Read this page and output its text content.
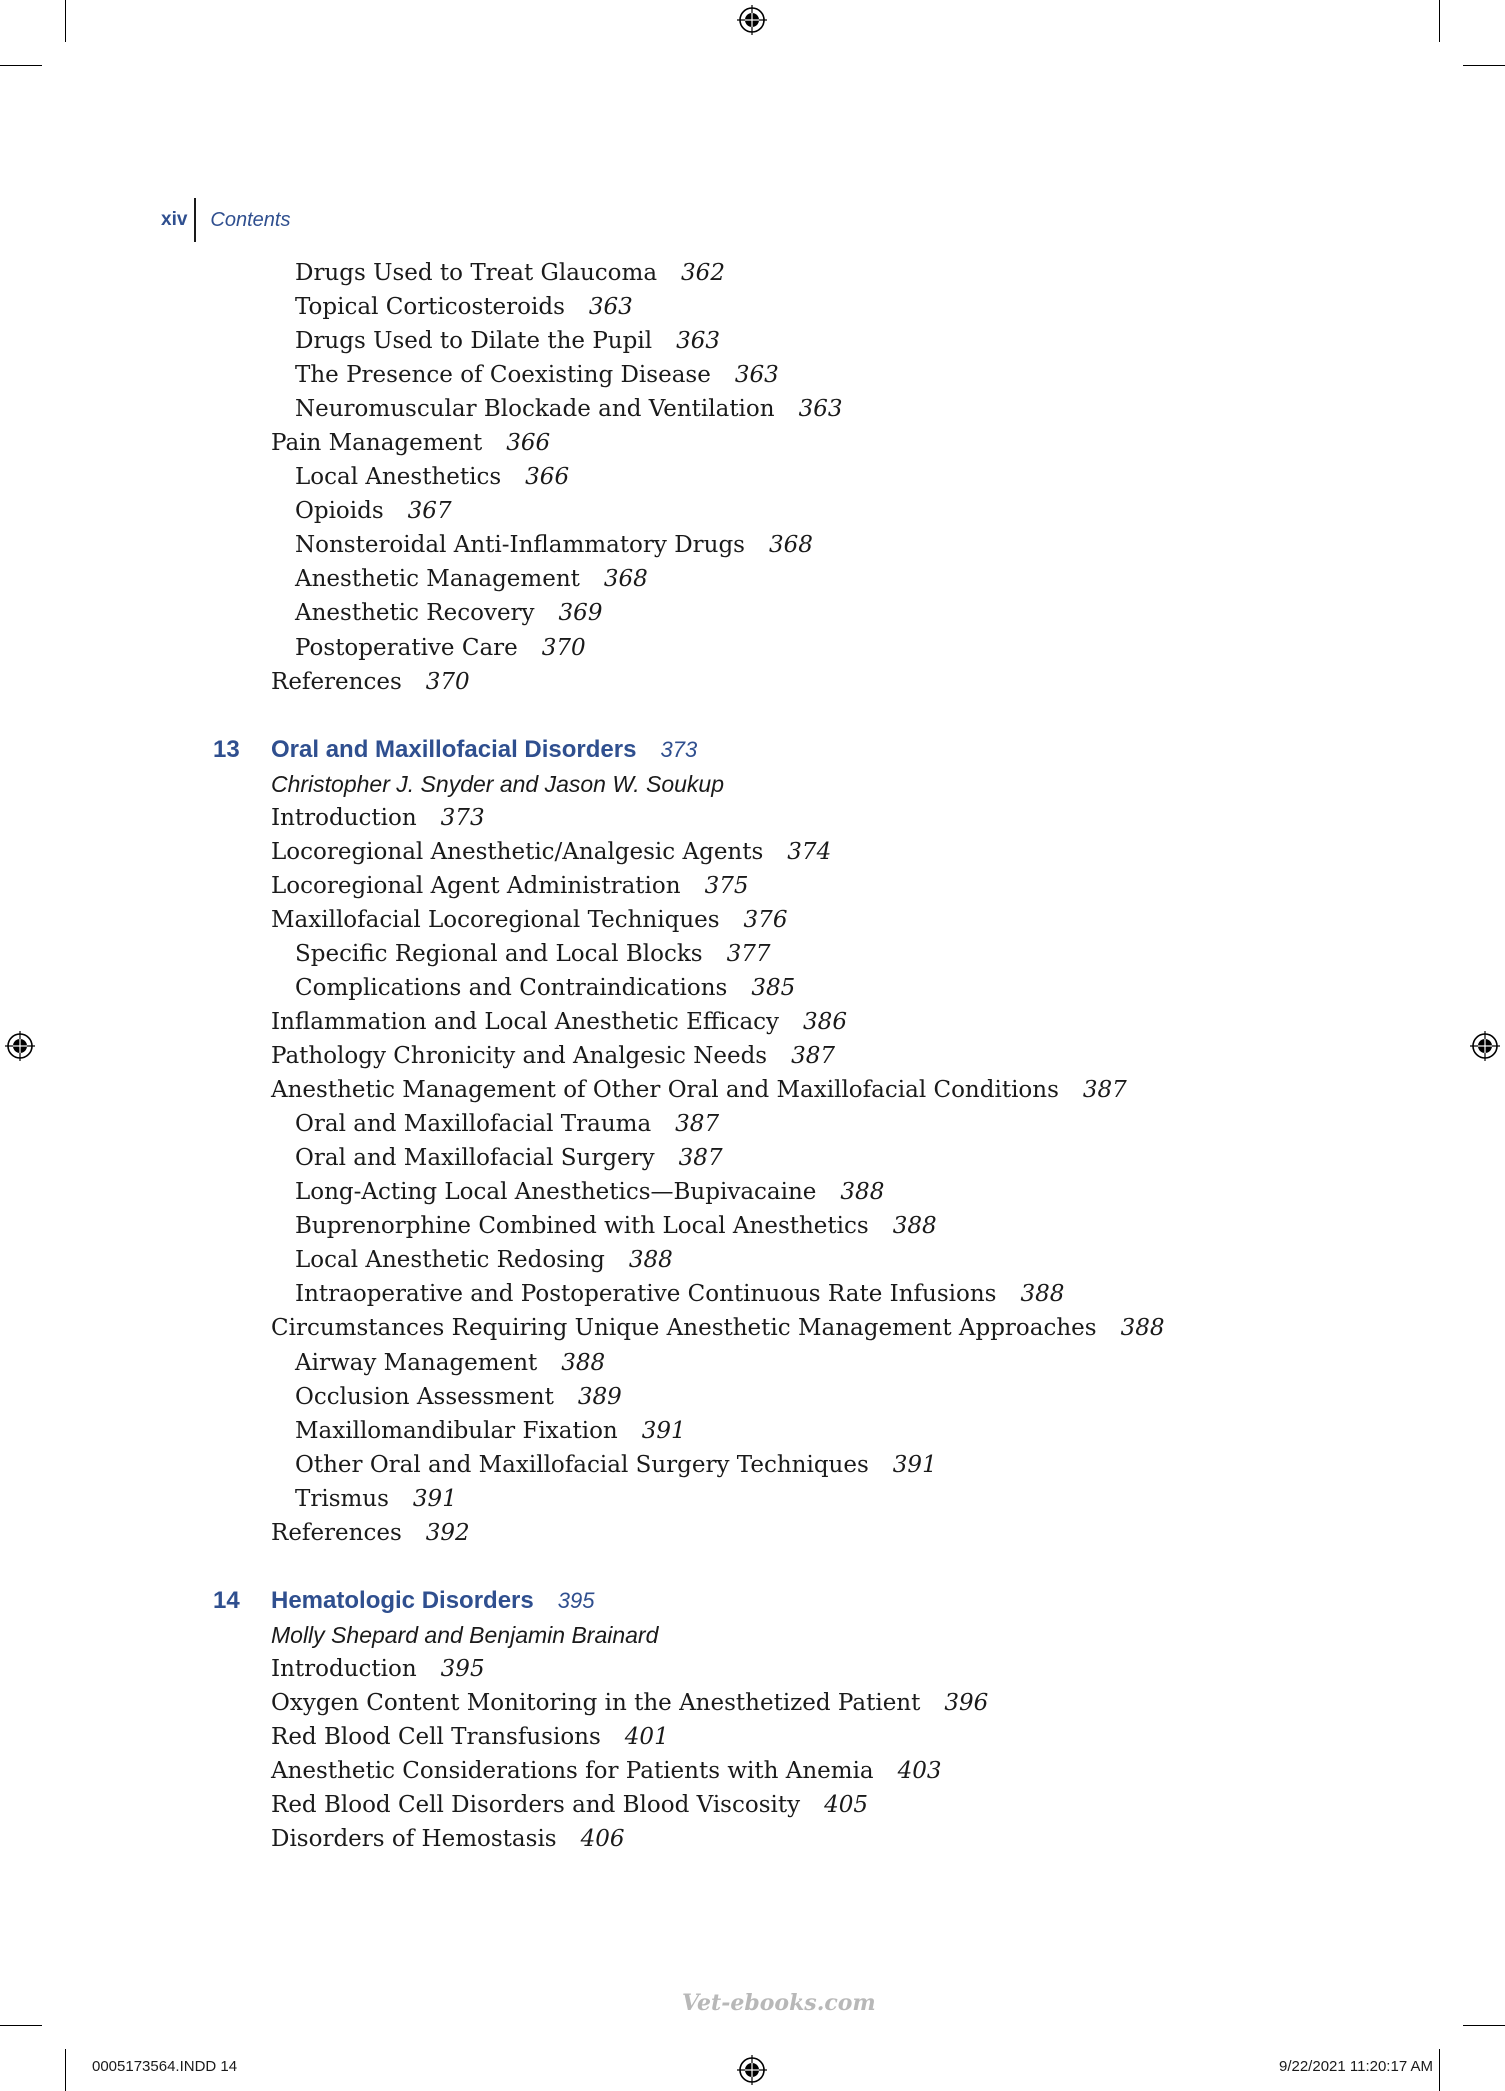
xiv Contents
Drugs Used to Treat Glaucoma 362
Topical Corticosteroids 363
Drugs Used to Dilate the Pupil 363
The Presence of Coexisting Disease 363
Neuromuscular Blockade and Ventilation 363
Pain Management 366
Local Anesthetics 366
Opioids 367
Nonsteroidal Anti-Inflammatory Drugs 368
Anesthetic Management 368
Anesthetic Recovery 369
Postoperative Care 370
References 370
13 Oral and Maxillofacial Disorders 373
Christopher J. Snyder and Jason W. Soukup
Introduction 373
Locoregional Anesthetic/Analgesic Agents 374
Locoregional Agent Administration 375
Maxillofacial Locoregional Techniques 376
Specific Regional and Local Blocks 377
Complications and Contraindications 385
Inflammation and Local Anesthetic Efficacy 386
Pathology Chronicity and Analgesic Needs 387
Anesthetic Management of Other Oral and Maxillofacial Conditions 387
Oral and Maxillofacial Trauma 387
Oral and Maxillofacial Surgery 387
Long-Acting Local Anesthetics—Bupivacaine 388
Buprenorphine Combined with Local Anesthetics 388
Local Anesthetic Redosing 388
Intraoperative and Postoperative Continuous Rate Infusions 388
Circumstances Requiring Unique Anesthetic Management Approaches 388
Airway Management 388
Occlusion Assessment 389
Maxillomandibular Fixation 391
Other Oral and Maxillofacial Surgery Techniques 391
Trismus 391
References 392
14 Hematologic Disorders 395
Molly Shepard and Benjamin Brainard
Introduction 395
Oxygen Content Monitoring in the Anesthetized Patient 396
Red Blood Cell Transfusions 401
Anesthetic Considerations for Patients with Anemia 403
Red Blood Cell Disorders and Blood Viscosity 405
Disorders of Hemostasis 406
Vet-ebooks.com
0005173564.INDD 14	9/22/2021 11:20:17 AM
